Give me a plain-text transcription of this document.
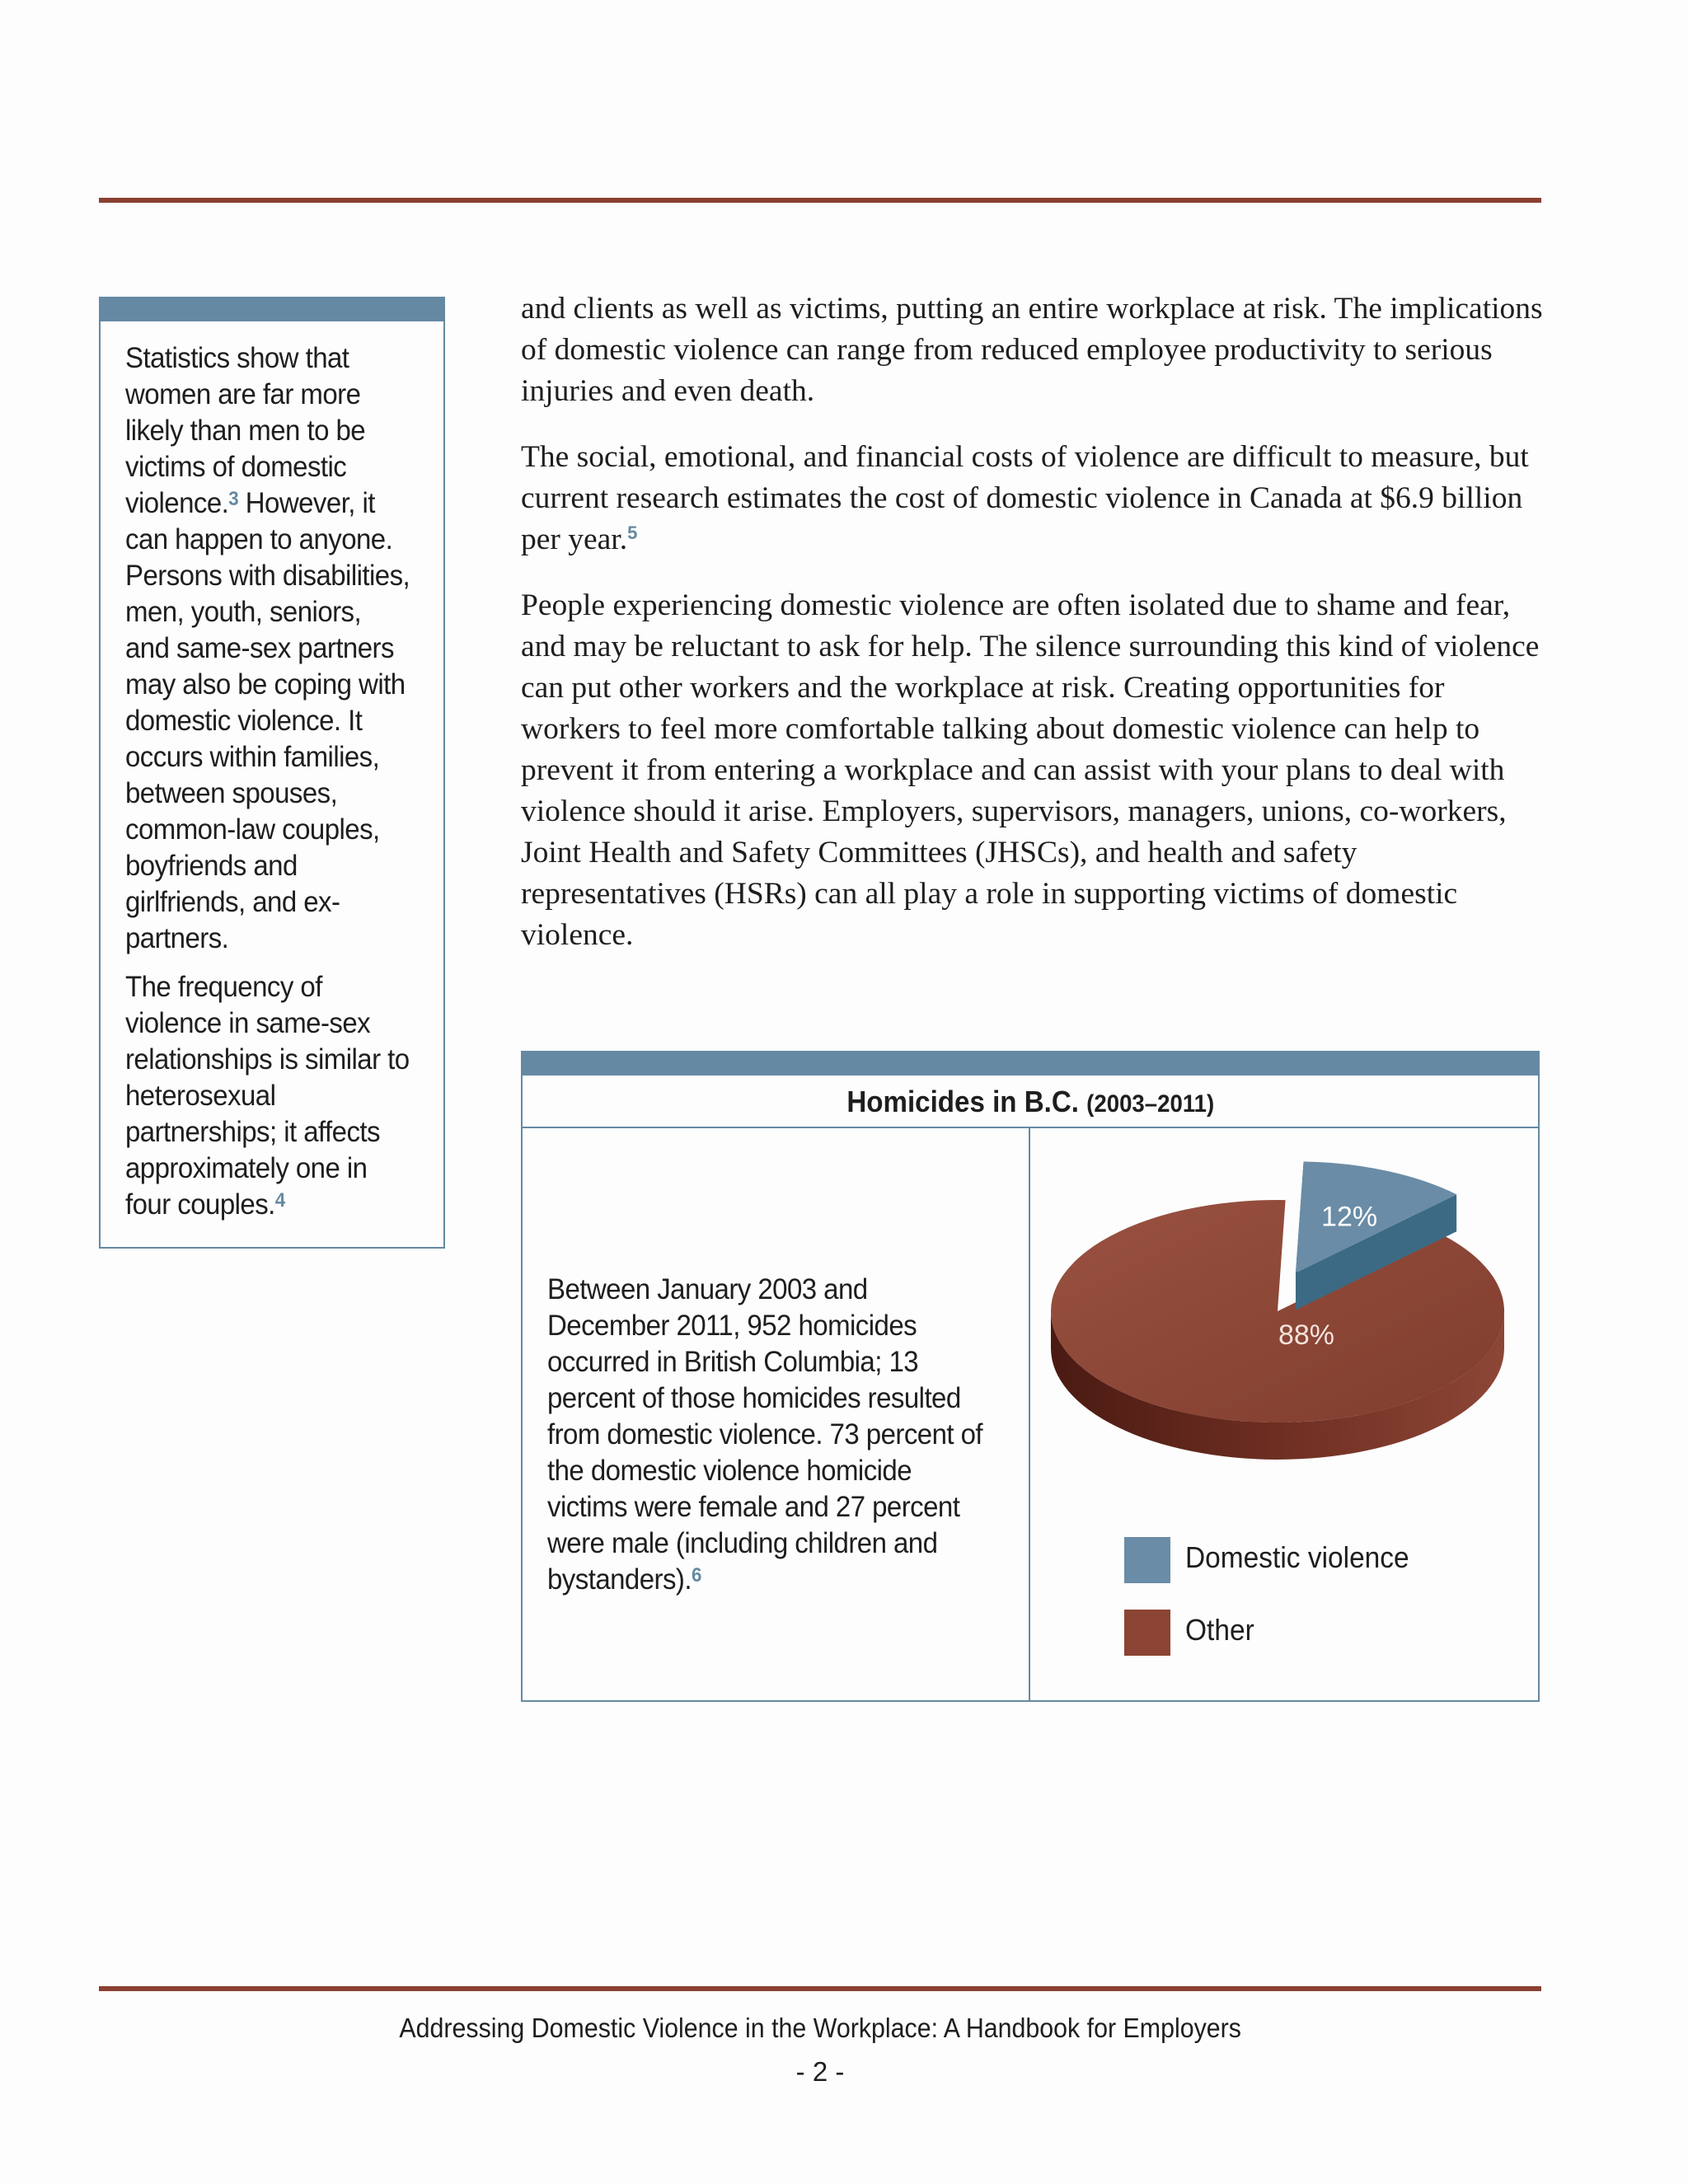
Statistics show that women are far more likely than men to be victims of domestic violence.$^3$ However, it can happen to anyone. Persons with disabilities, men, youth, seniors, and same-sex partners may also be coping with domestic violence. It occurs within families, between spouses, common-law couples, boyfriends and girlfriends, and ex-partners.

The frequency of violence in same-sex relationships is similar to heterosexual partnerships; it affects approximately one in four couples.$^4$

and clients as well as victims, putting an entire workplace at risk. The implications of domestic violence can range from reduced employee productivity to serious injuries and even death.

The social, emotional, and financial costs of violence are difficult to measure, but current research estimates the cost of domestic violence in Canada at $6.9 billion per year.$^5$

People experiencing domestic violence are often isolated due to shame and fear, and may be reluctant to ask for help. The silence surrounding this kind of violence can put other workers and the workplace at risk. Creating opportunities for workers to feel more comfortable talking about domestic violence can help to prevent it from entering a workplace and can assist with your plans to deal with violence should it arise. Employers, supervisors, managers, unions, co-workers, Joint Health and Safety Committees (JHSCs), and health and safety representatives (HSRs) can all play a role in supporting victims of domestic violence.

Homicides in B.C. (2003–2011)
Between January 2003 and December 2011, 952 homicides occurred in British Columbia; 13 percent of those homicides resulted from domestic violence. 73 percent of the domestic violence homicide victims were female and 27 percent were male (including children and bystanders).$^6$
12%
88%
Domestic violence
Other
Addressing Domestic Violence in the Workplace: A Handbook for Employers
- 2 -
